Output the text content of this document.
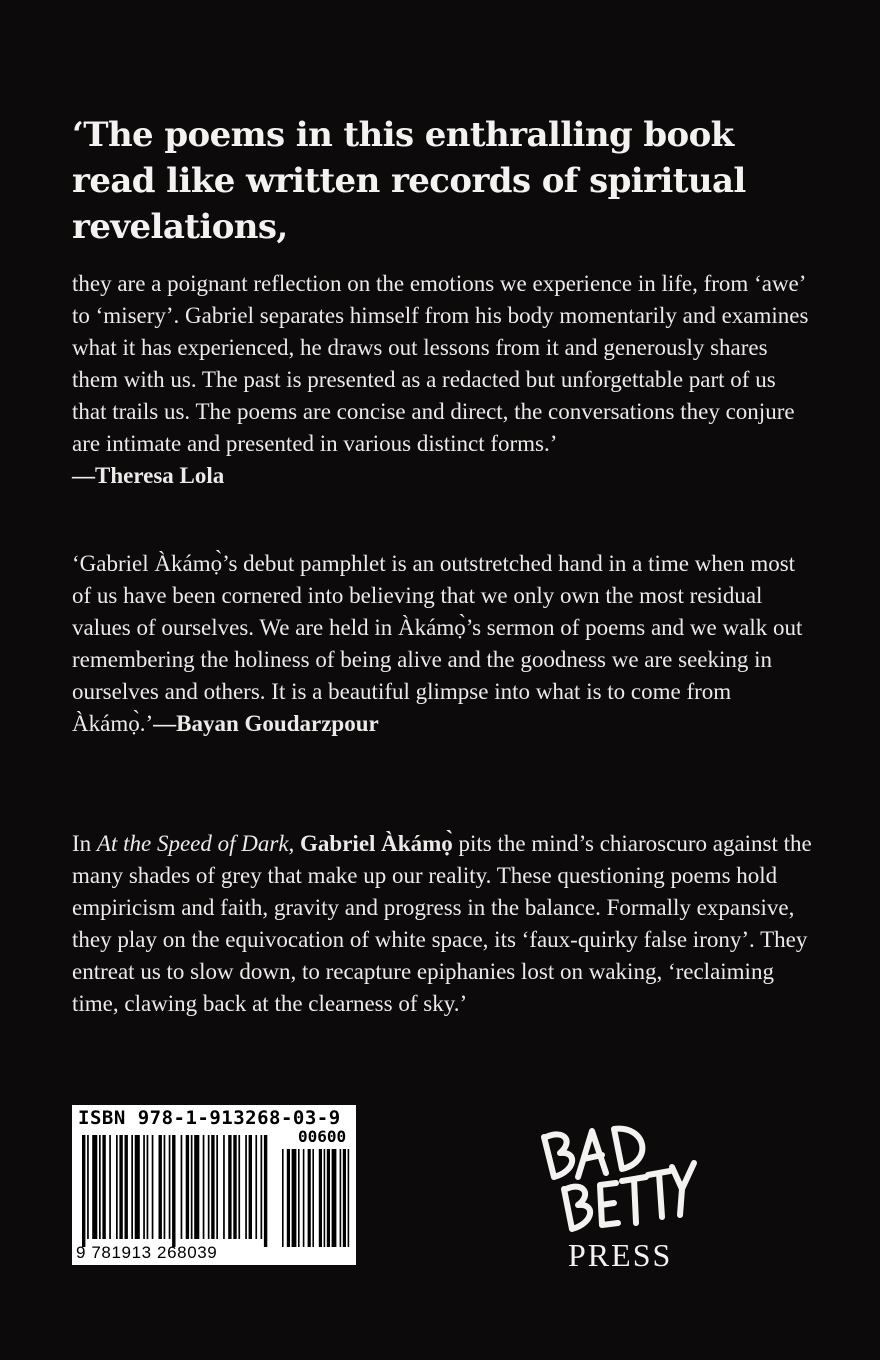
‘The poems in this enthralling book read like written records of spiritual revelations,

they are a poignant reflection on the emotions we experience in life, from ‘awe’ to ‘misery’. Gabriel separates himself from his body momentarily and examines what it has experienced, he draws out lessons from it and generously shares them with us. The past is presented as a redacted but unforgettable part of us that trails us. The poems are concise and direct, the conversations they conjure are intimate and presented in various distinct forms.’
—Theresa Lola

‘Gabriel Àkámọ̀’s debut pamphlet is an outstretched hand in a time when most of us have been cornered into believing that we only own the most residual values of ourselves. We are held in Àkámọ̀’s sermon of poems and we walk out remembering the holiness of being alive and the goodness we are seeking in ourselves and others. It is a beautiful glimpse into what is to come from Àkámọ̀.’—Bayan Goudarzpour

In At the Speed of Dark, Gabriel Àkámọ̀ pits the mind’s chiaroscuro against the many shades of grey that make up our reality. These questioning poems hold empiricism and faith, gravity and progress in the balance. Formally expansive, they play on the equivocation of white space, its ‘faux-quirky false irony’. They entreat us to slow down, to recapture epiphanies lost on waking, ‘reclaiming time, clawing back at the clearness of sky.’

ISBN 978-1-913268-03-9
00600
9 781913 268039	PRESS
